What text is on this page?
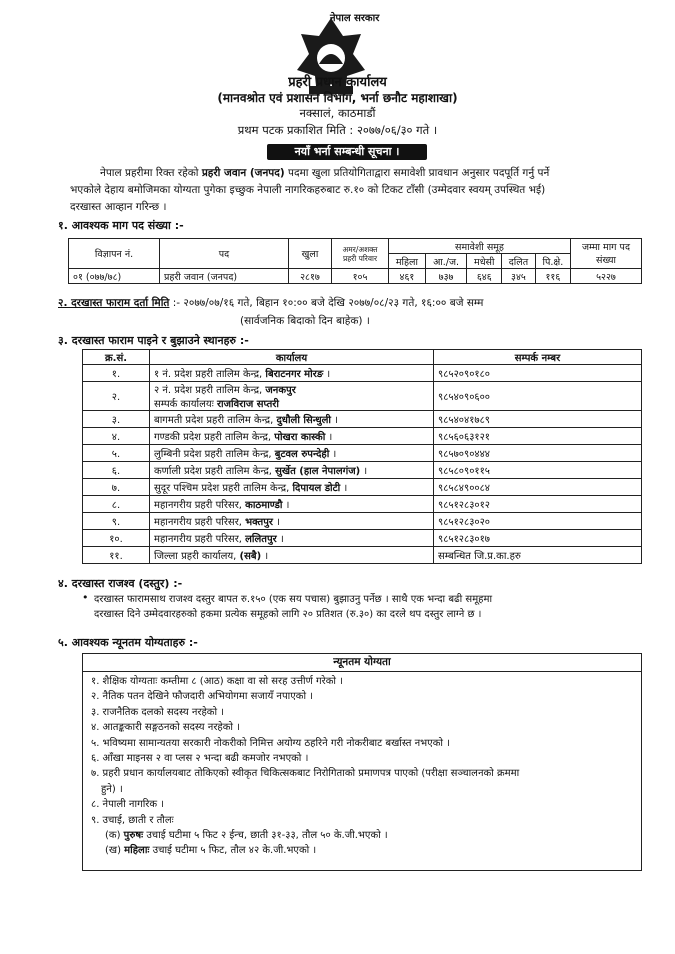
नेपाल सरकार
प्रहरी प्रधान कार्यालय
(मानवश्रोत एवं प्रशासन विभाग, भर्ना छनौट महाशाखा)
नक्सालं, काठमाडौं
प्रथम पटक प्रकाशित मिति : २०७७/०६/३० गते ।
नयाँ भर्ना सम्बन्धी सूचना ।
नेपाल प्रहरीमा रिक्त रहेको प्रहरी जवान (जनपद) पदमा खुला प्रतियोगिताद्वारा समावेशी प्रावधान अनुसार पदपूर्ति गर्नु पर्ने
भएकोले देहाय बमोजिमका योग्यता पुगेका इच्छुक नेपाली नागरिकहरुबाट रु.१० को टिकट टाँसी (उम्मेदवार स्वयम् उपस्थित भई)
दरखास्त आव्हान गरिन्छ ।
१. आवश्यक माग पद संख्या :-
विज्ञापन नं.	पद	खुला	अमर/अशक्त प्रहरी परिवार	समावेशी समूह					जम्मा माग पद संख्या
				महिला	आ./ज.	मधेसी	दलित	पि.क्षे.	
०१ (०७७/७८)	प्रहरी जवान (जनपद)	२८१७	१०५	४६१	७३७	६४६	३४५	११६	५२२७
२. दरखास्त फाराम दर्ता मिति :- २०७७/०७/१६ गते, बिहान १०:०० बजे देखि २०७७/०८/२३ गते, १६:०० बजे सम्म
(सार्वजनिक बिदाको दिन बाहेक) ।
३. दरखास्त फाराम पाइने र बुझाउने स्थानहरु :-
क्र.सं.	कार्यालय	सम्पर्क नम्बर
१.	१ नं. प्रदेश प्रहरी तालिम केन्द्र, बिराटनगर मोरङ ।	९८५२०९०१८०
२.	२ नं. प्रदेश प्रहरी तालिम केन्द्र, जनकपुर
सम्पर्क कार्यालयः राजविराज सप्तरी	९८५४०९०६००
३.	बागमती प्रदेश प्रहरी तालिम केन्द्र, दुधौली सिन्धुली ।	९८५४०४१७८९
४.	गण्डकी प्रदेश प्रहरी तालिम केन्द्र, पोखरा कास्की ।	९८५६०६३१२१
५.	लुम्बिनी प्रदेश प्रहरी तालिम केन्द्र, बुटवल रुपन्देही ।	९८५७०९०४४४
६.	कर्णाली प्रदेश प्रहरी तालिम केन्द्र, सुर्खेत (हाल नेपालगंज) ।	९८५८०९०११५
७.	सुदूर पश्चिम प्रदेश प्रहरी तालिम केन्द्र, दिपायल डोटी ।	९८५८४९००८४
८.	महानगरीय प्रहरी परिसर, काठमाण्डौ ।	९८५१२८३०१२
९.	महानगरीय प्रहरी परिसर, भक्तपुर ।	९८५१२८३०२०
१०.	महानगरीय प्रहरी परिसर, ललितपुर ।	९८५१२८३०१७
११.	जिल्ला प्रहरी कार्यालय, (सबै) ।	सम्बन्धित जि.प्र.का.हरु
४. दरखास्त राजश्व (दस्तुर) :-
• दरखास्त फारामसाथ राजश्व दस्तुर बापत रु.१५० (एक सय पचास) बुझाउनु पर्नेछ । साथै एक भन्दा बढी समूहमा
दरखास्त दिने उम्मेदवारहरुको हकमा प्रत्येक समूहको लागि २० प्रतिशत (रु.३०) का दरले थप दस्तुर लाग्ने छ ।
५. आवश्यक न्यूनतम योग्यताहरु :-
न्यूनतम योग्यता
१. शैक्षिक योग्यताः कम्तीमा ८ (आठ) कक्षा वा सो सरह उत्तीर्ण गरेको ।
२. नैतिक पतन देखिने फौजदारी अभियोगमा सजायँ नपाएको ।
३. राजनैतिक दलको सदस्य नरहेको ।
४. आतङ्ककारी सङ्गठनको सदस्य नरहेको ।
५. भविष्यमा सामान्यतया सरकारी नोकरीको निमित्त अयोग्य ठहरिने गरी नोकरीबाट बर्खास्त नभएको ।
६. आँखा माइनस २ वा प्लस २ भन्दा बढी कमजोर नभएको ।
७. प्रहरी प्रधान कार्यालयबाट तोकिएको स्वीकृत चिकित्सकबाट निरोगिताको प्रमाणपत्र पाएको (परीक्षा सञ्चालनको क्रममा
हुने) ।
८. नेपाली नागरिक ।
९. उचाई, छाती र तौलः
(क) पुरुषः उचाई घटीमा ५ फिट २ ईन्च, छाती ३१-३३, तौल ५० के.जी.भएको ।
(ख) महिलाः उचाई घटीमा ५ फिट, तौल ४२ के.जी.भएको ।
